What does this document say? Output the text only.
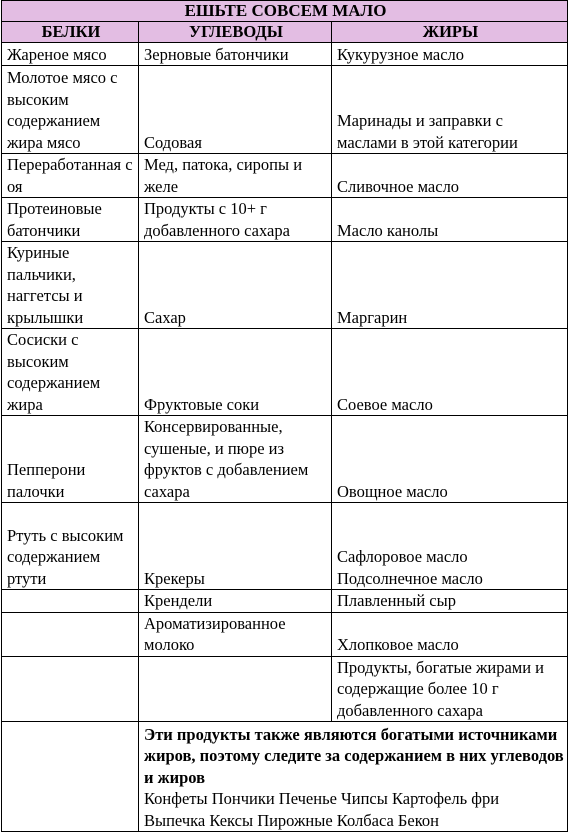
ЕШЬТЕ СОВСЕМ МАЛО		
БЕЛКИ	УГЛЕВОДЫ	ЖИРЫ
Жареное мясо	Зерновые батончики	Кукурузное масло
Молотое мясо с высоким содержанием жира мясо	Содовая	Маринады и заправки с маслами в этой категории
Переработанная соя	Мед, патока, сиропы и желе	Сливочное масло
Протеиновые батончики	Продукты с 10+ г добавленного сахара	Масло канолы
Куриные пальчики, наггетсы и крылышки	Сахар	Маргарин
Сосиски с высоким содержанием жира	Фруктовые соки	Соевое масло
Пепперони палочки	Консервированные, сушеные, и пюре из фруктов с добавлением сахара	Овощное масло
Ртуть с высоким содержанием ртути	Крекеры	Сафлоровое масло Подсолнечное масло
	Крендели	Плавленный сыр
	Ароматизированное молоко	Хлопковое масло
		Продукты, богатые жирами и содержащие более 10 г добавленного сахара

	Эти продукты также являются богатыми источниками жиров, поэтому следите за содержанием в них углеводов и жиров
Конфеты Пончики Печенье Чипсы Картофель фри
Выпечка Кексы Пирожные Колбаса Бекон	
